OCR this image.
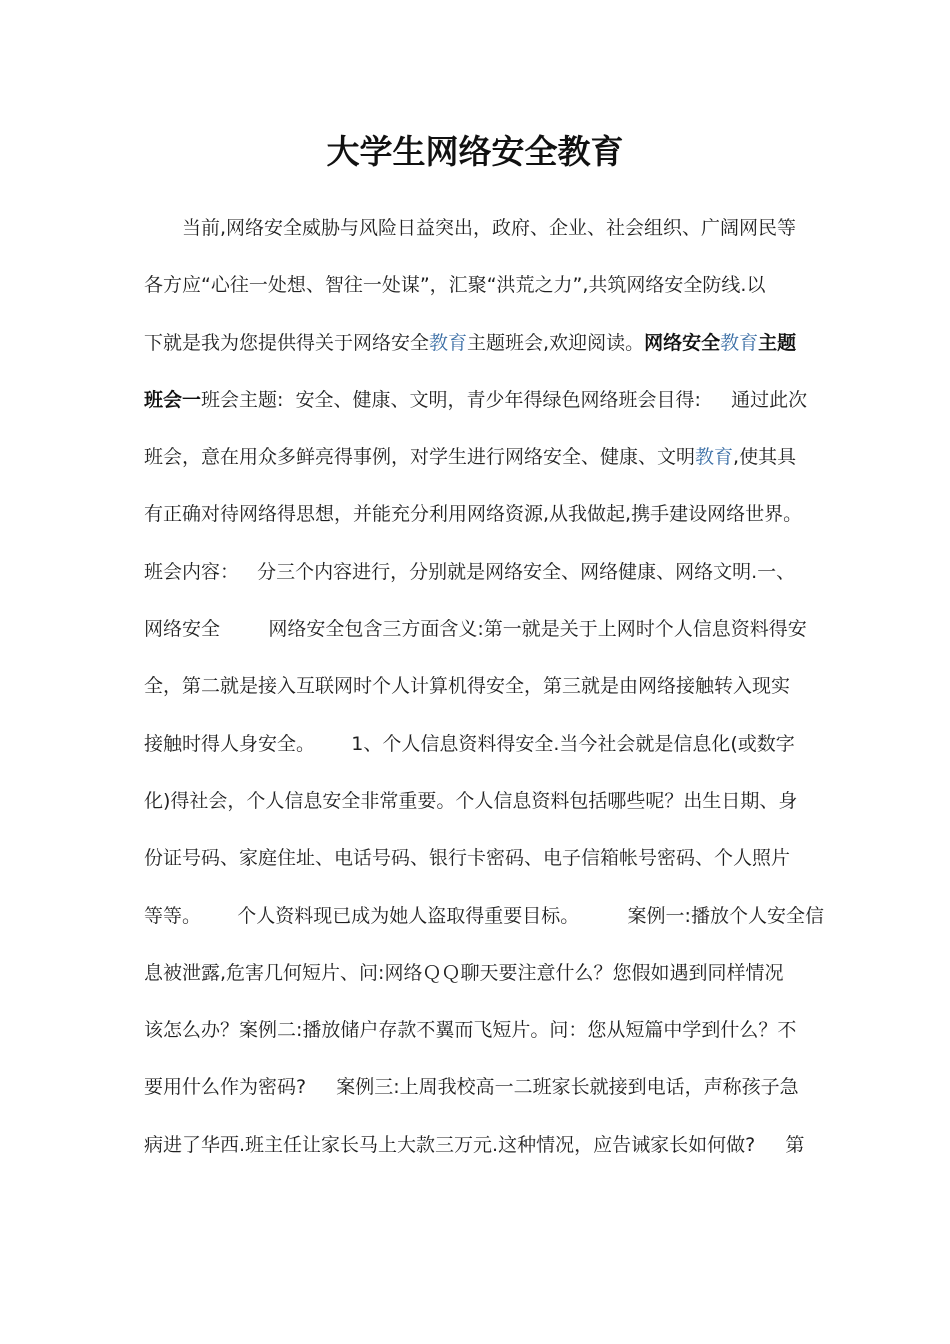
大学生网络安全教育
　　当前,网络安全威胁与风险日益突出，政府、企业、社会组织、广阔网民等
各方应“心往一处想、智往一处谋”，汇聚“洪荒之力”,共筑网络安全防线.以
下就是我为您提供得关于网络安全教育主题班会,欢迎阅读。网络安全教育主题
班会一班会主题:  安全、健康、文明，青少年得绿色网络班会目得:     通过此次
班会，意在用众多鲜亮得事例，对学生进行网络安全、健康、文明教育,使其具
有正确对待网络得思想，并能充分利用网络资源,从我做起,携手建设网络世界。
班会内容：   分三个内容进行，分别就是网络安全、网络健康、网络文明.一、
网络安全        网络安全包含三方面含义:第一就是关于上网时个人信息资料得安
全，第二就是接入互联网时个人计算机得安全，第三就是由网络接触转入现实
接触时得人身安全。      1、个人信息资料得安全.当今社会就是信息化(或数字
化)得社会，个人信息安全非常重要。个人信息资料包括哪些呢？出生日期、身
份证号码、家庭住址、电话号码、银行卡密码、电子信箱帐号密码、个人照片
等等。      个人资料现已成为她人盗取得重要目标。        案例一:播放个人安全信
息被泄露,危害几何短片、问:网络ＱＱ聊天要注意什么？您假如遇到同样情况
该怎么办？案例二:播放储户存款不翼而飞短片。问：您从短篇中学到什么？不
要用什么作为密码?     案例三:上周我校高一二班家长就接到电话，声称孩子急
病进了华西.班主任让家长马上大款三万元.这种情况，应告诫家长如何做?     第
